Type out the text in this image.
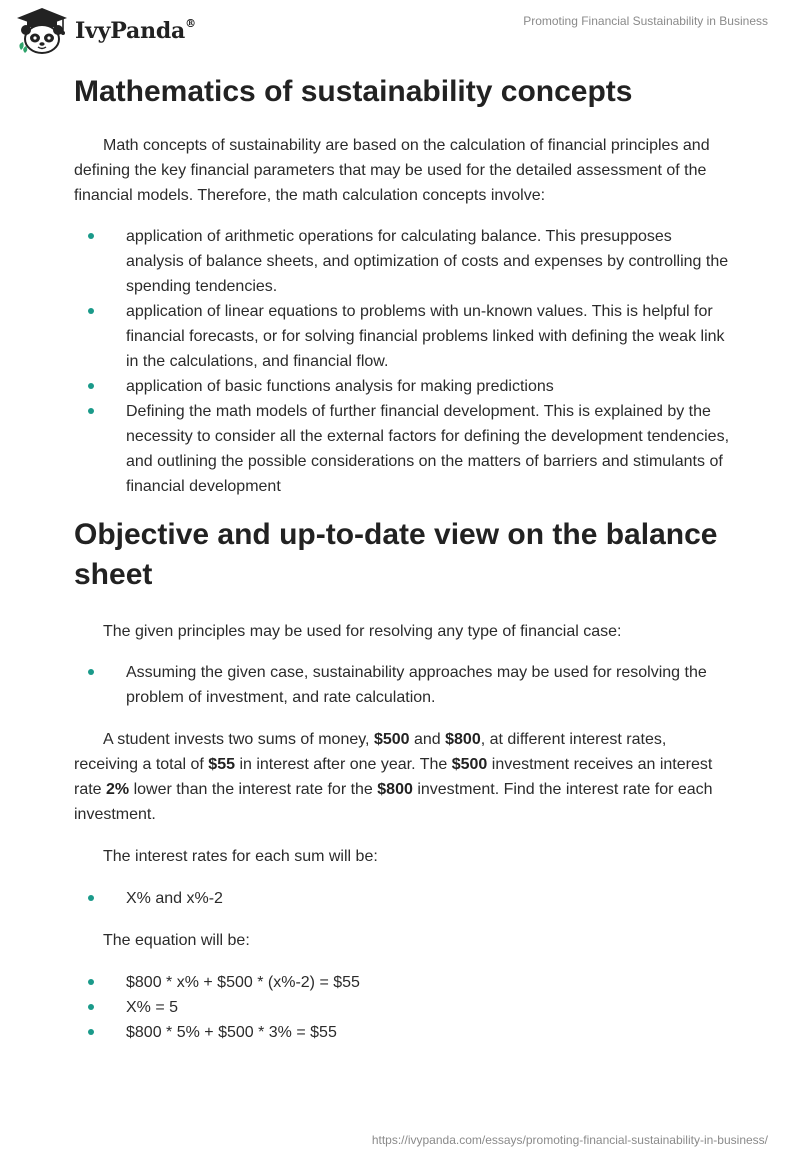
IvyPanda®	Promoting Financial Sustainability in Business
Mathematics of sustainability concepts

Math concepts of sustainability are based on the calculation of financial principles and defining the key financial parameters that may be used for the detailed assessment of the financial models. Therefore, the math calculation concepts involve:

application of arithmetic operations for calculating balance. This presupposes analysis of balance sheets, and optimization of costs and expenses by controlling the spending tendencies.
application of linear equations to problems with un-known values. This is helpful for financial forecasts, or for solving financial problems linked with defining the weak link in the calculations, and financial flow.
application of basic functions analysis for making predictions
Defining the math models of further financial development. This is explained by the necessity to consider all the external factors for defining the development tendencies, and outlining the possible considerations on the matters of barriers and stimulants of financial development
Objective and up-to-date view on the balance sheet

The given principles may be used for resolving any type of financial case:

Assuming the given case, sustainability approaches may be used for resolving the problem of investment, and rate calculation.

A student invests two sums of money, $500 and $800, at different interest rates, receiving a total of $55 in interest after one year. The $500 investment receives an interest rate 2% lower than the interest rate for the $800 investment. Find the interest rate for each investment.

The interest rates for each sum will be:

X% and x%-2

The equation will be:

$800 * x% + $500 * (x%-2) = $55
X% = 5
$800 * 5% + $500 * 3% = $55
https://ivypanda.com/essays/promoting-financial-sustainability-in-business/
